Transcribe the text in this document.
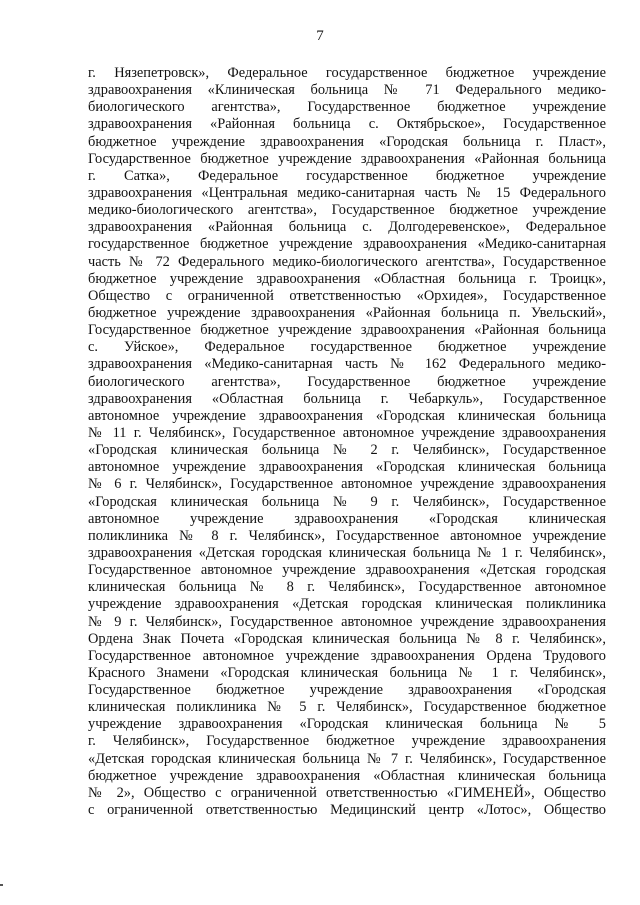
7
г. Нязепетровск», Федеральное государственное бюджетное учреждение
здравоохранения «Клиническая больница № 71 Федерального медико-
биологического агентства», Государственное бюджетное учреждение
здравоохранения «Районная больница с. Октябрьское», Государственное
бюджетное учреждение здравоохранения «Городская больница г. Пласт»,
Государственное бюджетное учреждение здравоохранения «Районная больница
г. Сатка», Федеральное государственное бюджетное учреждение
здравоохранения «Центральная медико-санитарная часть № 15 Федерального
медико-биологического агентства», Государственное бюджетное учреждение
здравоохранения «Районная больница с. Долгодеревенское», Федеральное
государственное бюджетное учреждение здравоохранения «Медико-санитарная
часть № 72 Федерального медико-биологического агентства», Государственное
бюджетное учреждение здравоохранения «Областная больница г. Троицк»,
Общество с ограниченной ответственностью «Орхидея», Государственное
бюджетное учреждение здравоохранения «Районная больница п. Увельский»,
Государственное бюджетное учреждение здравоохранения «Районная больница
с. Уйское», Федеральное государственное бюджетное учреждение
здравоохранения «Медико-санитарная часть № 162 Федерального медико-
биологического агентства», Государственное бюджетное учреждение
здравоохранения «Областная больница г. Чебаркуль», Государственное
автономное учреждение здравоохранения «Городская клиническая больница
№ 11 г. Челябинск», Государственное автономное учреждение здравоохранения
«Городская клиническая больница № 2 г. Челябинск», Государственное
автономное учреждение здравоохранения «Городская клиническая больница
№ 6 г. Челябинск», Государственное автономное учреждение здравоохранения
«Городская клиническая больница № 9 г. Челябинск», Государственное
автономное учреждение здравоохранения «Городская клиническая
поликлиника № 8 г. Челябинск», Государственное автономное учреждение
здравоохранения «Детская городская клиническая больница № 1 г. Челябинск»,
Государственное автономное учреждение здравоохранения «Детская городская
клиническая больница № 8 г. Челябинск», Государственное автономное
учреждение здравоохранения «Детская городская клиническая поликлиника
№ 9 г. Челябинск», Государственное автономное учреждение здравоохранения
Ордена Знак Почета «Городская клиническая больница № 8 г. Челябинск»,
Государственное автономное учреждение здравоохранения Ордена Трудового
Красного Знамени «Городская клиническая больница № 1 г. Челябинск»,
Государственное бюджетное учреждение здравоохранения «Городская
клиническая поликлиника № 5 г. Челябинск», Государственное бюджетное
учреждение здравоохранения «Городская клиническая больница № 5
г. Челябинск», Государственное бюджетное учреждение здравоохранения
«Детская городская клиническая больница № 7 г. Челябинск», Государственное
бюджетное учреждение здравоохранения «Областная клиническая больница
№ 2», Общество с ограниченной ответственностью «ГИМЕНЕЙ», Общество
с ограниченной ответственностью Медицинский центр «Лотос», Общество
